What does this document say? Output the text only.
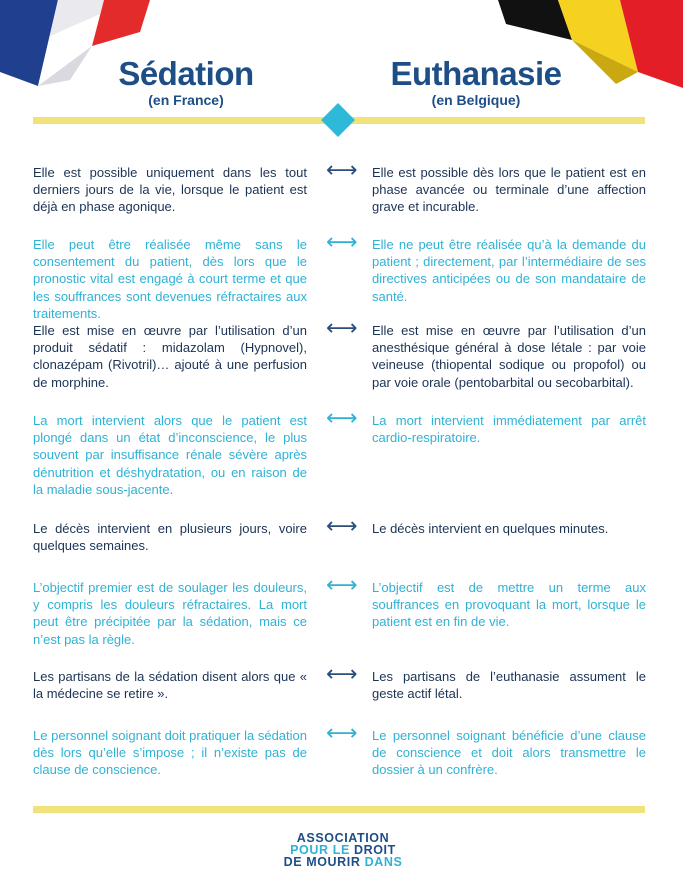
Sédation
(en France)
Euthanasie
(en Belgique)
Elle est possible uniquement dans les tout derniers jours de la vie, lorsque le patient est déjà en phase agonique.
⟷ Elle est possible dès lors que le patient est en phase avancée ou terminale d’une affection grave et incurable.
Elle peut être réalisée même sans le consentement du patient, dès lors que le pronostic vital est engagé à court terme et que les souffrances sont devenues réfractaires aux traitements.
⟷ Elle ne peut être réalisée qu’à la demande du patient ; directement, par l’intermédiaire de ses directives anticipées ou de son mandataire de santé.
Elle est mise en œuvre par l’utilisation d’un produit sédatif : midazolam (Hypnovel), clonazépam (Rivotril)… ajouté à une perfusion de morphine.
⟷ Elle est mise en œuvre par l’utilisation d’un anesthésique général à dose létale : par voie veineuse (thiopental sodique ou propofol) ou par voie orale (pentobarbital ou secobarbital).
La mort intervient alors que le patient est plongé dans un état d’inconscience, le plus souvent par insuffisance rénale sévère après dénutrition et déshydratation, ou en raison de la maladie sous-jacente.
⟷ La mort intervient immédiatement par arrêt cardio-respiratoire.
Le décès intervient en plusieurs jours, voire quelques semaines.
⟷ Le décès intervient en quelques minutes.
L’objectif premier est de soulager les douleurs, y compris les douleurs réfractaires. La mort peut être précipitée par la sédation, mais ce n’est pas la règle.
⟷ L’objectif est de mettre un terme aux souffrances en provoquant la mort, lorsque le patient est en fin de vie.
Les partisans de la sédation disent alors que « la médecine se retire ».
⟷ Les partisans de l’euthanasie assument le geste actif létal.
Le personnel soignant doit pratiquer la sédation dès lors qu’elle s’impose ; il n’existe pas de clause de conscience.
⟷ Le personnel soignant bénéficie d’une clause de conscience et doit alors transmettre le dossier à un confrère.
ASSOCIATION
POUR LE DROIT
DE MOURIR DANS
